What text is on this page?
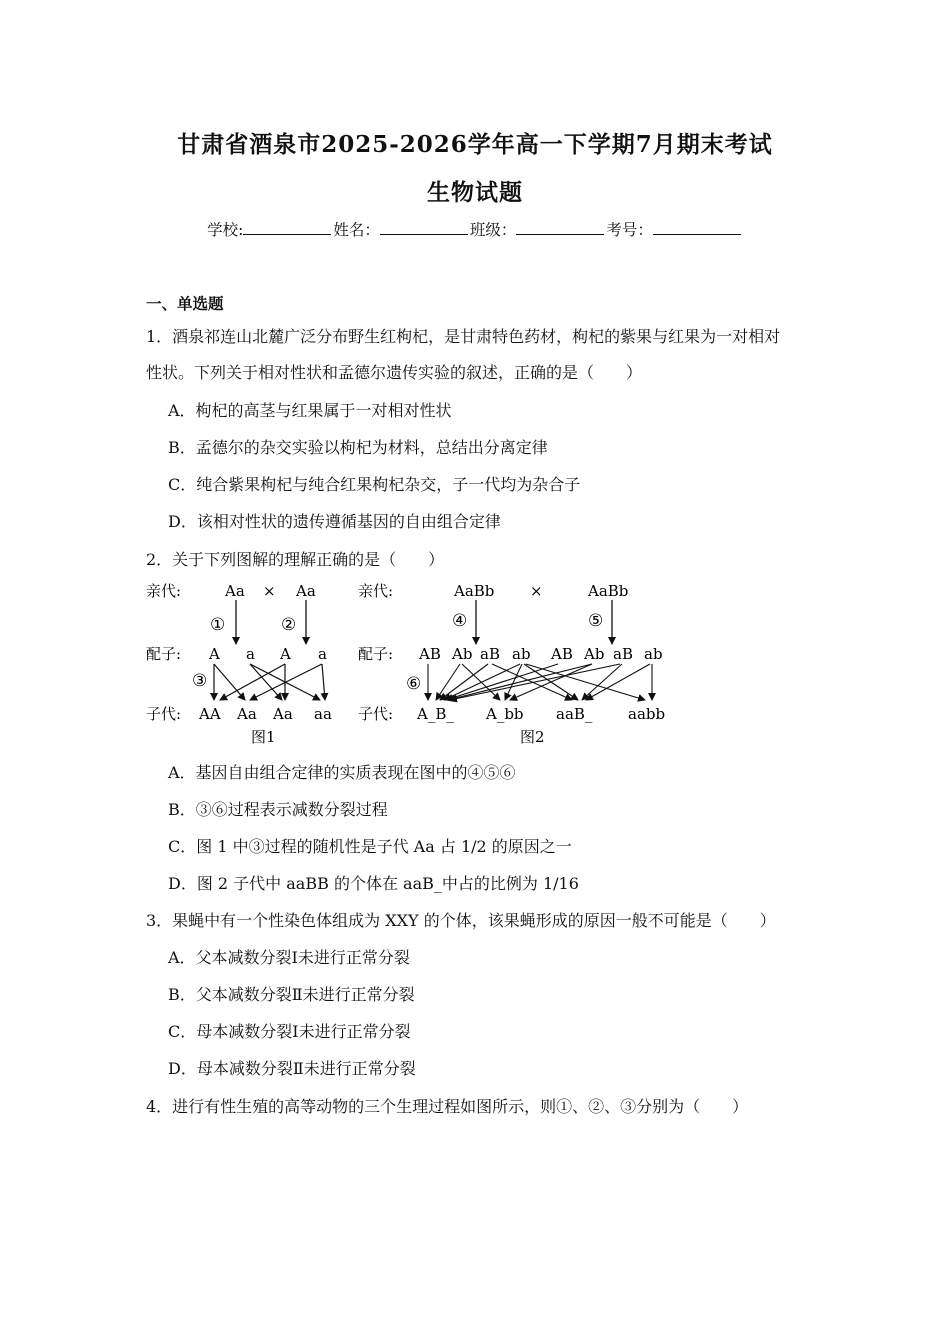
甘肃省酒泉市2025-2026学年高一下学期7月期末考试
生物试题
学校:	姓名：	班级：	考号：
一、单选题
1．酒泉祁连山北麓广泛分布野生红枸杞，是甘肃特色药材，枸杞的紫果与红果为一对相对
性状。下列关于相对性状和孟德尔遗传实验的叙述，正确的是（　　）
A．枸杞的高茎与红果属于一对相对性状
B．孟德尔的杂交实验以枸杞为材料，总结出分离定律
C．纯合紫果枸杞与纯合红果枸杞杂交，子一代均为杂合子
D．该相对性状的遗传遵循基因的自由组合定律
2．关于下列图解的理解正确的是（　　）
亲代:	Aa × Aa
①	②
配子: A a A a
③
子代: AA Aa Aa aa
图1
亲代:	AaBb ×	AaBb
④	⑤
配子: AB Ab aB ab AB Ab aB ab
⑥
子代: A_B_ A_bb aaB_ aabb
图2
A．基因自由组合定律的实质表现在图中的④⑤⑥
B．③⑥过程表示减数分裂过程
C．图 1 中③过程的随机性是子代 Aa 占 1/2 的原因之一
D．图 2 子代中 aaBB 的个体在 aaB_中占的比例为 1/16
3．果蝇中有一个性染色体组成为 XXY 的个体，该果蝇形成的原因一般不可能是（　　）
A．父本减数分裂Ⅰ未进行正常分裂
B．父本减数分裂Ⅱ未进行正常分裂
C．母本减数分裂Ⅰ未进行正常分裂
D．母本减数分裂Ⅱ未进行正常分裂
4．进行有性生殖的高等动物的三个生理过程如图所示，则①、②、③分别为（　　）
